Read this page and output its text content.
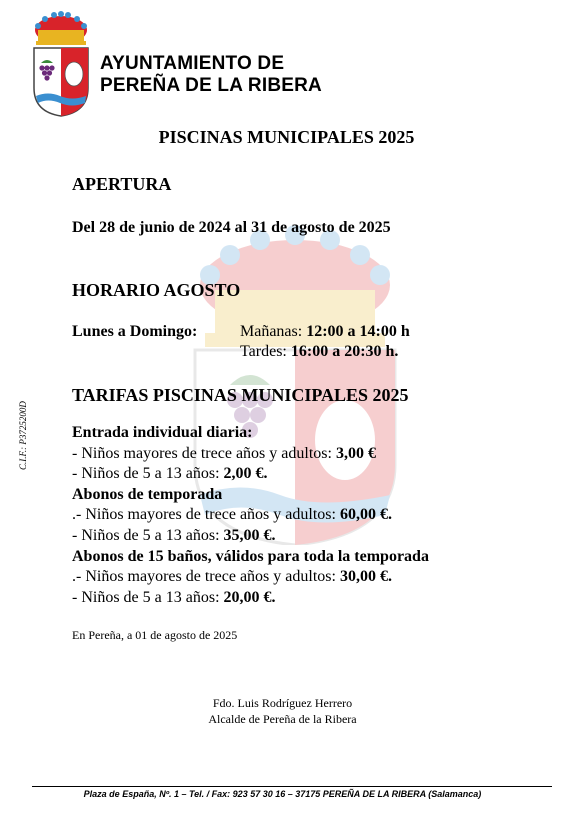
AYUNTAMIENTO DE
PEREÑA DE LA RIBERA
C.I.F.: P3725200D
PISCINAS MUNICIPALES 2025
APERTURA
Del 28 de junio de 2024 al 31 de agosto de 2025
HORARIO AGOSTO
Lunes a Domingo:	Mañanas: 12:00 a 14:00 h
Tardes: 16:00 a 20:30 h.
TARIFAS PISCINAS MUNICIPALES 2025
Entrada individual diaria:
- Niños mayores de trece años y adultos: 3,00 €
- Niños de 5 a 13 años: 2,00 €.
Abonos de temporada
.- Niños mayores de trece años y adultos: 60,00 €.
- Niños de 5 a 13 años: 35,00 €.
Abonos de 15 baños, válidos para toda la temporada
.- Niños mayores de trece años y adultos: 30,00 €.
- Niños de 5 a 13 años: 20,00 €.
En Pereña, a 01 de agosto de 2025
Fdo. Luis Rodríguez Herrero
Alcalde de Pereña de la Ribera
Plaza de España, Nº. 1 – Tel. / Fax: 923 57 30 16 – 37175 PEREÑA DE LA RIBERA (Salamanca)
